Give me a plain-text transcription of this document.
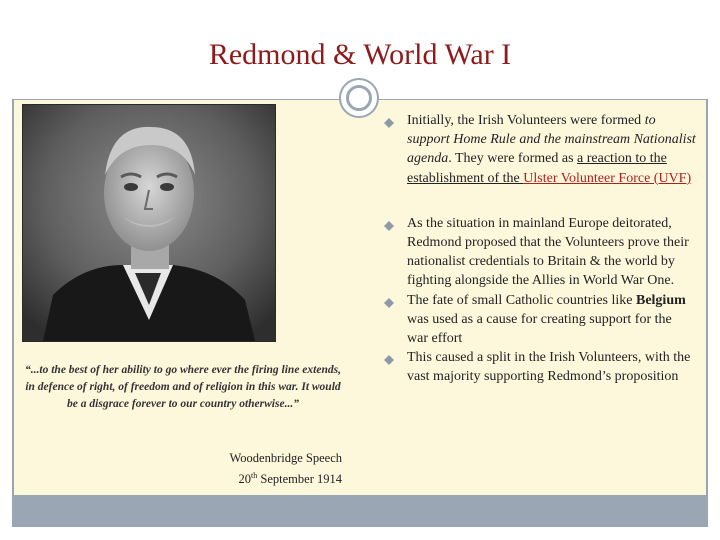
Redmond & World War I
“...to the best of her ability to go where ever the firing line extends, in defence of right, of freedom and of religion in this war. It would be a disgrace forever to our country otherwise...”
Woodenbridge Speech
20th September 1914
Initially, the Irish Volunteers were formed to support Home Rule and the mainstream Nationalist agenda. They were formed as a reaction to the establishment of the Ulster Volunteer Force (UVF)
As the situation in mainland Europe deitorated, Redmond proposed that the Volunteers prove their nationalist credentials to Britain & the world by fighting alongside the Allies in World War One.
The fate of small Catholic countries like Belgium was used as a cause for creating support for the war effort
This caused a split in the Irish Volunteers, with the vast majority supporting Redmond’s proposition
